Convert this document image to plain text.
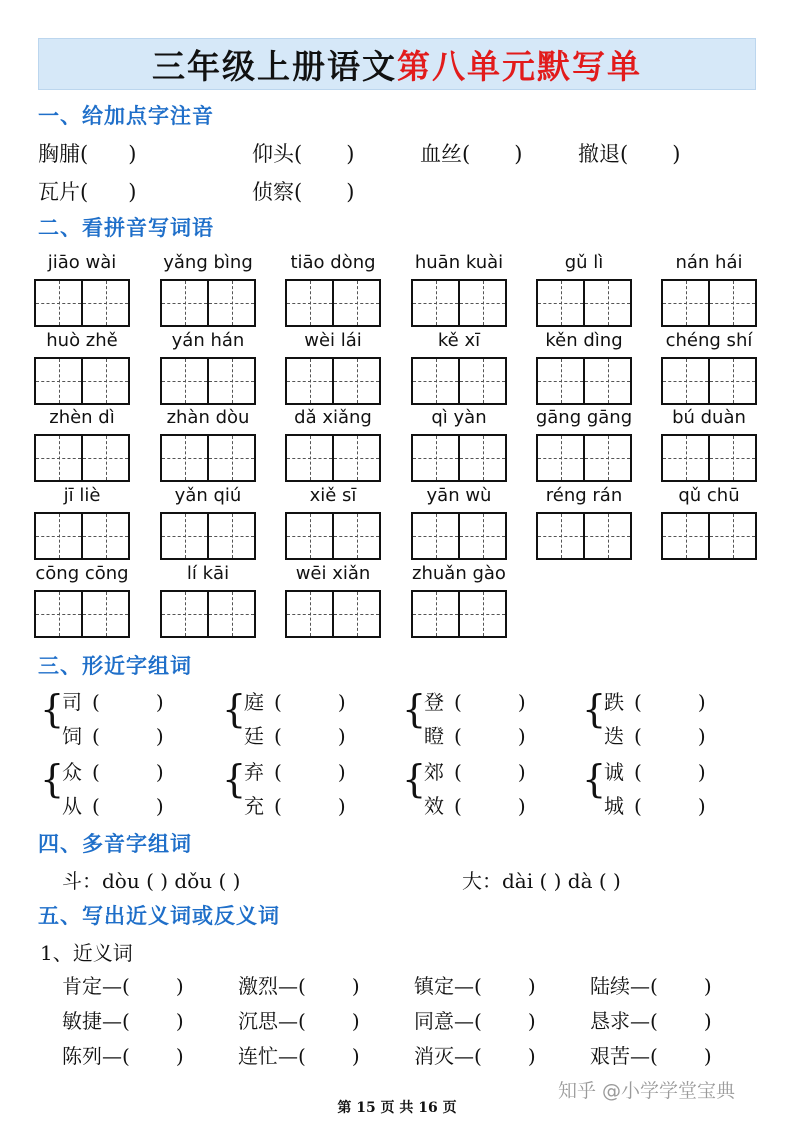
三年级上册语文 第八单元默写单
一、给加点字注音
胸脯( )	仰头( )	血丝( )	撤退( )
瓦片( )	侦察( )
二、看拼音写词语
jiāo wài	yǎng bìng	tiāo dòng	huān kuài	gǔ lì	nán hái
huò zhě	yán hán	wèi lái	kě xī	kěn dìng	chéng shí
zhèn dì	zhàn dòu	dǎ xiǎng	qì yàn	gāng gāng	bú duàn
jī liè	yǎn qiú	xiě sī	yān wù	réng rán	qǔ chū
cōng cōng	lí kāi	wēi xiǎn	zhuǎn gào
三、形近字组词
{
司 (	)
饲 (	)
{
庭 (	)
廷 (	)
{
登 (	)
瞪 (	)
{
跌 (	)
迭 (	)
{
众 (	)
从 (	)
{
弃 (	)
充 (	)
{
郊 (	)
效 (	)
{
诚 (	)
城 (	)
四、多音字组词
斗：dòu ( ) dǒu ( )	大：dài ( ) dà ( )
五、写出近义词或反义词
1、近义词
肯定—( )	激烈—( )	镇定—( )	陆续—( )
敏捷—( )	沉思—( )	同意—( )	恳求—( )
陈列—( )	连忙—( )	消灭—( )	艰苦—( )
第 15 页 共 16 页
知乎 @小学学堂宝典
